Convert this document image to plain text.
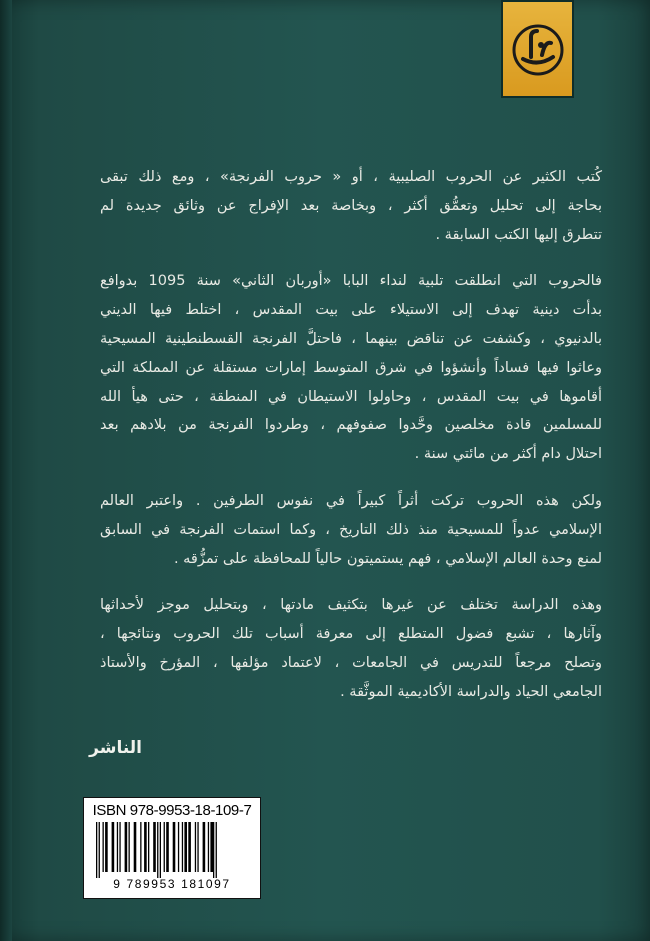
كُتب الكثير عن الحروب الصليبية ، أو « حروب الفرنجة» ، ومع ذلك تبقى
بحاجة إلى تحليل وتعمُّق أكثر ، وبخاصة بعد الإفراج عن وثائق جديدة لم
تتطرق إليها الكتب السابقة .

فالحروب التي انطلقت تلبية لنداء البابا «أوربان الثاني» سنة 1095 بدوافع
بدأت دينية تهدف إلى الاستيلاء على بيت المقدس ، اختلط فيها الديني
بالدنيوي ، وكشفت عن تناقض بينهما ، فاحتلَّ الفرنجة القسطنطينية المسيحية
وعاثوا فيها فساداً وأنشؤوا في شرق المتوسط إمارات مستقلة عن المملكة التي
أقاموها في بيت المقدس ، وحاولوا الاستيطان في المنطقة ، حتى هيأ الله
للمسلمين قادة مخلصين وحَّدوا صفوفهم ، وطردوا الفرنجة من بلادهم بعد
احتلال دام أكثر من مائتي سنة .

ولكن هذه الحروب تركت أثراً كبيراً في نفوس الطرفين . واعتبر العالم
الإسلامي عدواً للمسيحية منذ ذلك التاريخ ، وكما استمات الفرنجة في السابق
لمنع وحدة العالم الإسلامي ، فهم يستميتون حالياً للمحافظة على تمزُّقه .

وهذه الدراسة تختلف عن غيرها بتكثيف مادتها ، وبتحليل موجز لأحداثها
وآثارها ، تشبع فضول المتطلع إلى معرفة أسباب تلك الحروب ونتائجها ،
وتصلح مرجعاً للتدريس في الجامعات ، لاعتماد مؤلفها ، المؤرخ والأستاذ
الجامعي الحياد والدراسة الأكاديمية الموثَّقة .

الناشر
ISBN 978-9953-18-109-7
9 789953 181097
